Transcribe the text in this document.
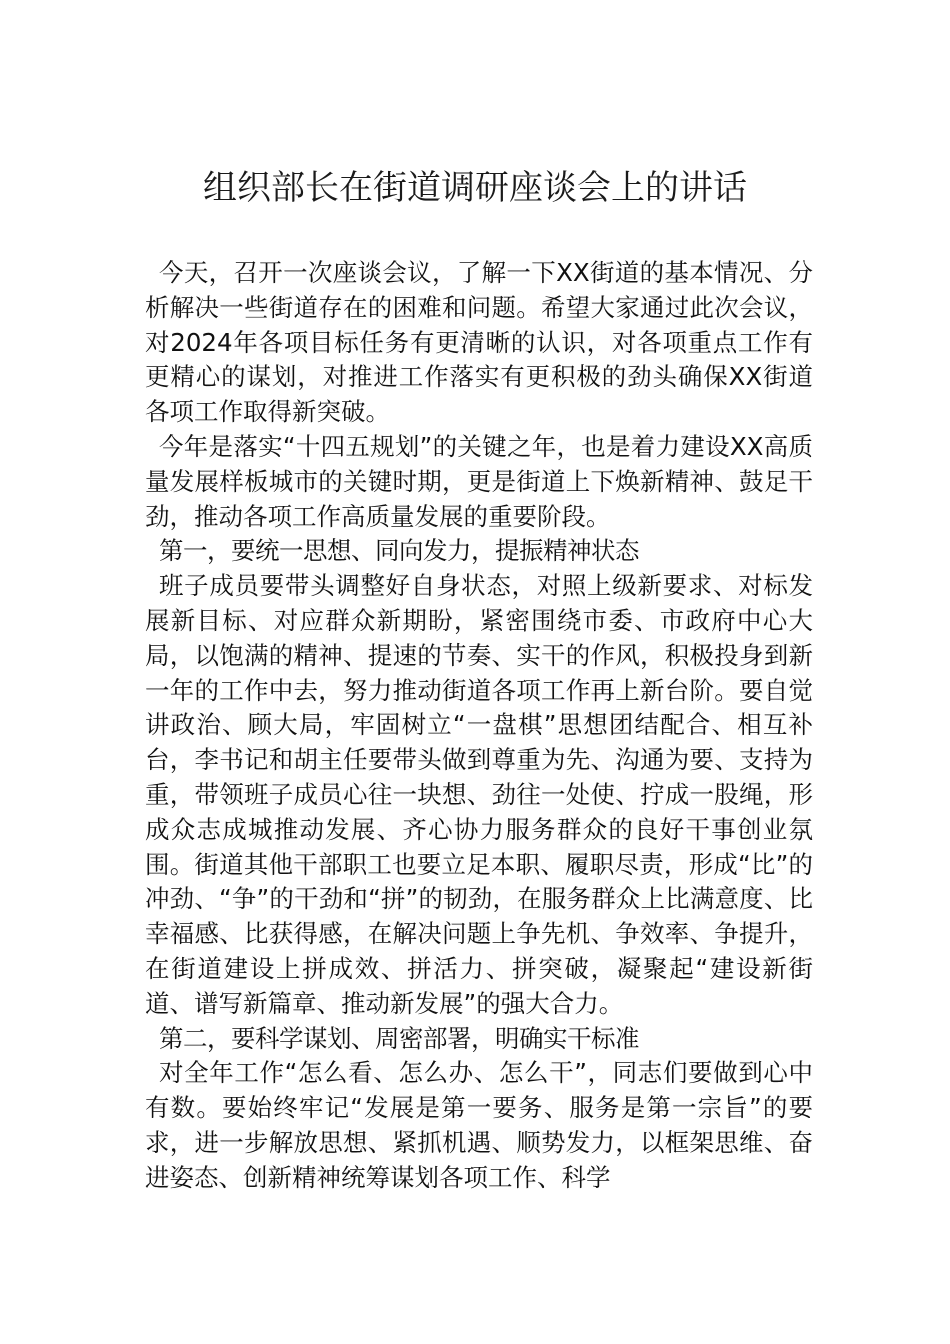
组织部长在街道调研座谈会上的讲话

今天，召开一次座谈会议，了解一下XX街道的基本情况、分析解决一些街道存在的困难和问题。希望大家通过此次会议，对2024年各项目标任务有更清晰的认识，对各项重点工作有更精心的谋划，对推进工作落实有更积极的劲头确保XX街道各项工作取得新突破。

今年是落实“十四五规划”的关键之年，也是着力建设XX高质量发展样板城市的关键时期，更是街道上下焕新精神、鼓足干劲，推动各项工作高质量发展的重要阶段。

第一，要统一思想、同向发力，提振精神状态

班子成员要带头调整好自身状态，对照上级新要求、对标发展新目标、对应群众新期盼，紧密围绕市委、市政府中心大局，以饱满的精神、提速的节奏、实干的作风，积极投身到新一年的工作中去，努力推动街道各项工作再上新台阶。要自觉讲政治、顾大局，牢固树立“一盘棋”思想团结配合、相互补台，李书记和胡主任要带头做到尊重为先、沟通为要、支持为重，带领班子成员心往一块想、劲往一处使、拧成一股绳，形成众志成城推动发展、齐心协力服务群众的良好干事创业氛围。街道其他干部职工也要立足本职、履职尽责，形成“比”的冲劲、“争”的干劲和“拼”的韧劲，在服务群众上比满意度、比幸福感、比获得感，在解决问题上争先机、争效率、争提升，在街道建设上拼成效、拼活力、拼突破，凝聚起“建设新街道、谱写新篇章、推动新发展”的强大合力。

第二，要科学谋划、周密部署，明确实干标准

对全年工作“怎么看、怎么办、怎么干”，同志们要做到心中有数。要始终牢记“发展是第一要务、服务是第一宗旨”的要求，进一步解放思想、紧抓机遇、顺势发力，以框架思维、奋进姿态、创新精神统筹谋划各项工作、科学
